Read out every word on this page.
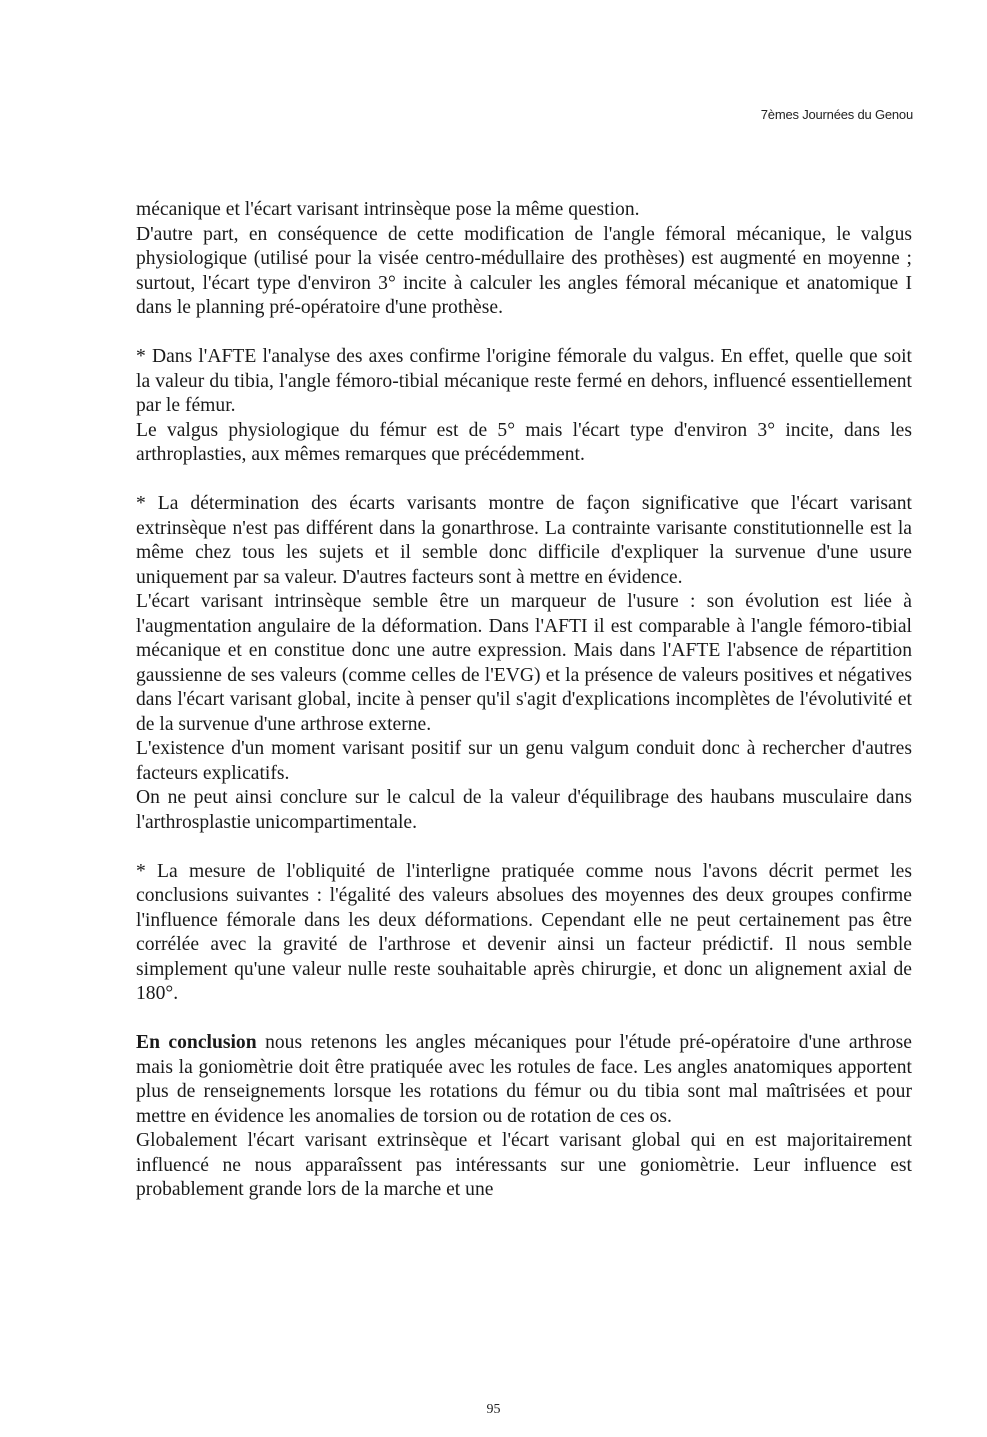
7èmes Journées du Genou

mécanique et l'écart varisant intrinsèque pose la même question.

D'autre part, en conséquence de cette modification de l'angle fémoral mécanique, le valgus physiologique (utilisé pour la visée centro-médullaire des prothèses) est augmenté en moyenne ; surtout, l'écart type d'environ 3° incite à calculer les angles fémoral mécanique et anatomique I dans le planning pré-opératoire d'une prothèse.

* Dans l'AFTE l'analyse des axes confirme l'origine fémorale du valgus. En effet, quelle que soit la valeur du tibia, l'angle fémoro-tibial mécanique reste fermé en dehors, influencé essentiellement par le fémur.

Le valgus physiologique du fémur est de 5° mais l'écart type d'environ 3° incite, dans les arthroplasties, aux mêmes remarques que précédemment.

* La détermination des écarts varisants montre de façon significative que l'écart varisant extrinsèque n'est pas différent dans la gonarthrose. La contrainte varisante constitutionnelle est la même chez tous les sujets et il semble donc difficile d'expliquer la survenue d'une usure uniquement par sa valeur. D'autres facteurs sont à mettre en évidence.

L'écart varisant intrinsèque semble être un marqueur de l'usure : son évolution est liée à l'augmentation angulaire de la déformation. Dans l'AFTI il est comparable à l'angle fémoro-tibial mécanique et en constitue donc une autre expression. Mais dans l'AFTE l'absence de répartition gaussienne de ses valeurs (comme celles de l'EVG) et la présence de valeurs positives et négatives dans l'écart varisant global, incite à penser qu'il s'agit d'explications incomplètes de l'évolutivité et de la survenue d'une arthrose externe.

L'existence d'un moment varisant positif sur un genu valgum conduit donc à rechercher d'autres facteurs explicatifs.

On ne peut ainsi conclure sur le calcul de la valeur d'équilibrage des haubans musculaire dans l'arthrosplastie unicompartimentale.

* La mesure de l'obliquité de l'interligne pratiquée comme nous l'avons décrit permet les conclusions suivantes : l'égalité des valeurs absolues des moyennes des deux groupes confirme l'influence fémorale dans les deux déformations. Cependant elle ne peut certainement pas être corrélée avec la gravité de l'arthrose et devenir ainsi un facteur prédictif. Il nous semble simplement qu'une valeur nulle reste souhaitable après chirurgie, et donc un alignement axial de 180°.

En conclusion nous retenons les angles mécaniques pour l'étude pré-opératoire d'une arthrose mais la goniomètrie doit être pratiquée avec les rotules de face. Les angles anatomiques apportent plus de renseignements lorsque les rotations du fémur ou du tibia sont mal maîtrisées et pour mettre en évidence les anomalies de torsion ou de rotation de ces os.

Globalement l'écart varisant extrinsèque et l'écart varisant global qui en est majoritairement influencé ne nous apparaîssent pas intéressants sur une goniomètrie. Leur influence est probablement grande lors de la marche et une

95
